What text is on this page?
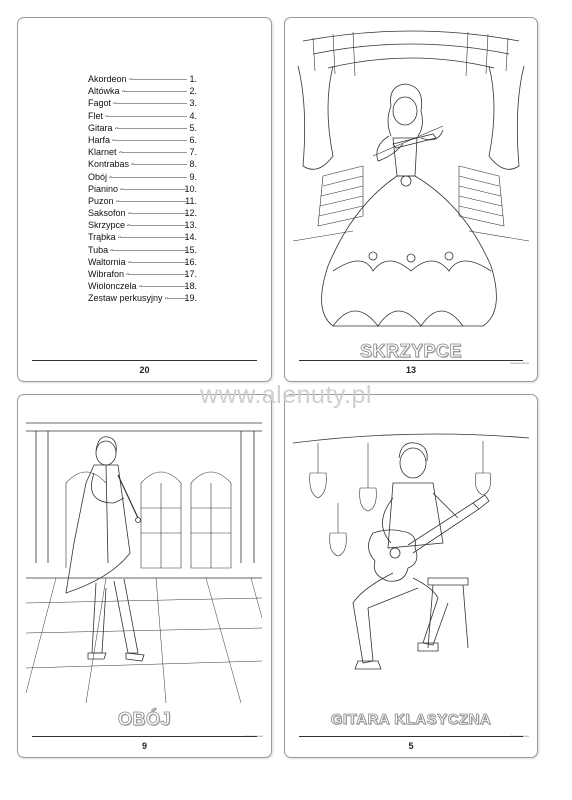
Akordeon	1.
Altówka	2.
Fagot	3.
Flet	4.
Gitara	5.
Harfa	6.
Klarnet	7.
Kontrabas	8.
Obój	9.
Pianino	10.
Puzon	11.
Saksofon	12.
Skrzypce	13.
Trąbka	14.
Tuba	15.
Waltornia	16.
Wibrafon	17.
Wiolonczela	18.
Zestaw perkusyjny	19.
20
SKRZYPCE
▭▭▭▭▭▭▭▭
13
OBÓJ
▭▭▭▭▭▭▭▭
9
GITARA KLASYCZNA
▭▭▭▭▭▭▭▭
5
www.alenuty.pl
